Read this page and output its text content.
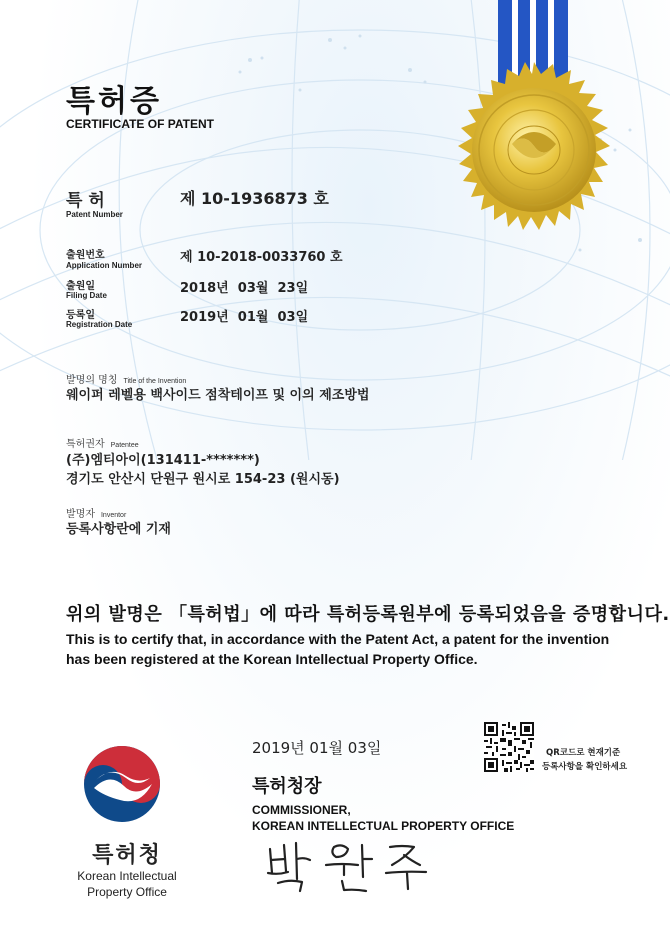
특허증
CERTIFICATE OF PATENT
특 허
Patent Number
제 10-1936873 호
출원번호
Application Number
제 10-2018-0033760 호
출원일
Filing Date	2018년  03월  23일
등록일
Registration Date	2019년  01월  03일
발명의 명칭 Title of the Invention
웨이퍼 레벨용 백사이드 점착테이프 및 이의 제조방법
특허권자 Patentee
(주)엠티아이(131411-*******)
경기도 안산시 단원구 원시로 154-23 (원시동)
발명자 Inventor
등록사항란에 기재
위의 발명은 「특허법」에 따라 특허등록원부에 등록되었음을 증명합니다.
This is to certify that, in accordance with the Patent Act, a patent for the invention
has been registered at the Korean Intellectual Property Office.
2019년 01월 03일	QR코드로 현재기준
등록사항을 확인하세요
특허청장
COMMISSIONER,
KOREAN INTELLECTUAL PROPERTY OFFICE
특허청
Korean Intellectual
Property Office
